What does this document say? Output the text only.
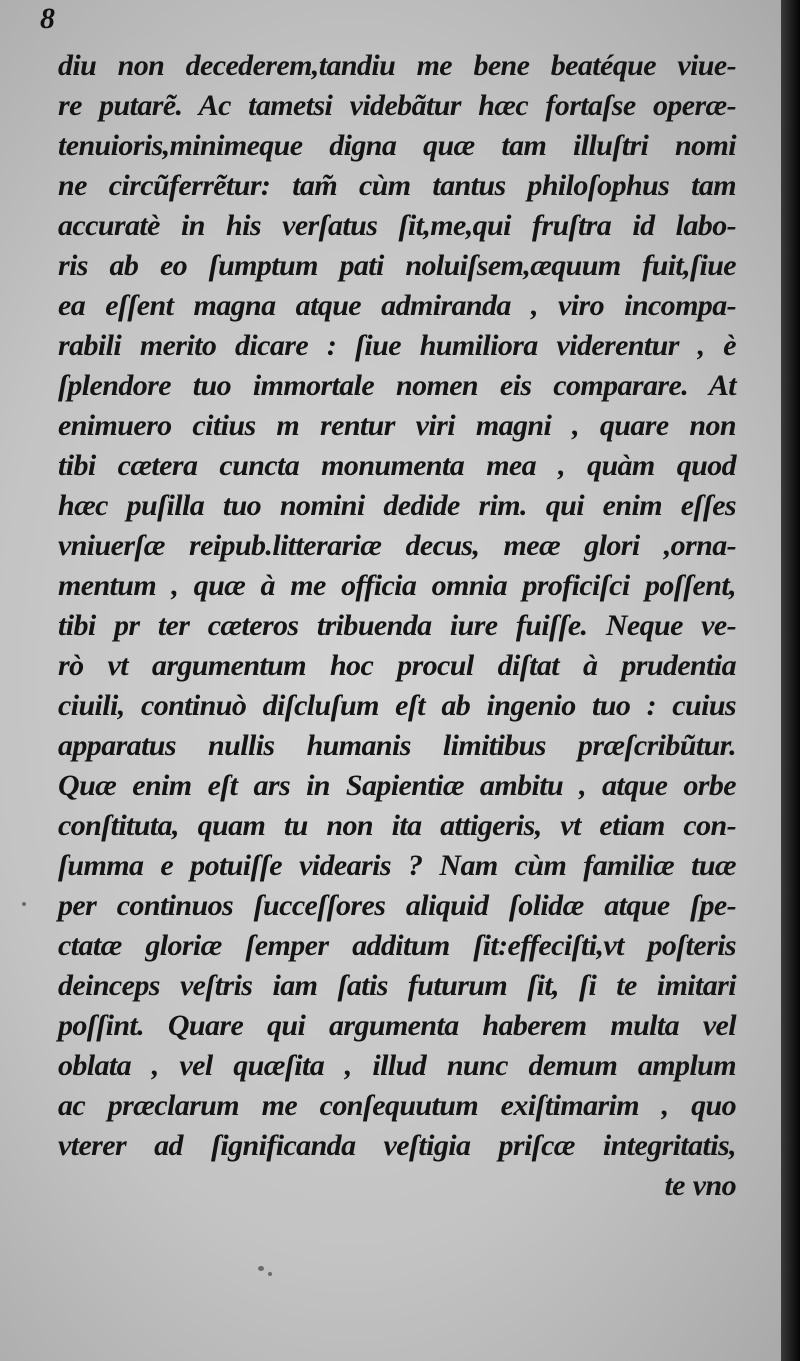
8
diu non decederem,tandiu me bene beatéque viue-
re putarẽ. Ac tametsi videbãtur hæc fortaſse operæ-
tenuioris,minimeque digna quæ tam illuſtri nomi
ne circũferrẽtur: tam̃ cùm tantus philoſophus tam
accuratè in his verſatus ſit,me,qui fruſtra id labo-
ris ab eo ſumptum pati noluiſsem,æquum fuit,ſiue
ea eſſent magna atque admiranda , viro incompa-
rabili merito dicare : ſiue humiliora viderentur , è
ſplendore tuo immortale nomen eis comparare. At
enimuero citius m rentur viri magni , quare non
tibi cætera cuncta monumenta mea , quàm quod
hæc puſilla tuo nomini dedide rim. qui enim eſſes
vniuerſæ reipub.litterariæ decus, meæ glori ,orna-
mentum , quæ à me officia omnia proficiſci poſſent,
tibi pr ter cæteros tribuenda iure fuiſſe. Neque ve-
rò vt argumentum hoc procul diſtat à prudentia
ciuili, continuò diſcluſum eſt ab ingenio tuo : cuius
apparatus nullis humanis limitibus præſcribũtur.
Quæ enim eſt ars in Sapientiæ ambitu , atque orbe
conſtituta, quam tu non ita attigeris, vt etiam con-
ſumma e potuiſſe videaris ? Nam cùm familiæ tuæ
per continuos ſucceſſores aliquid ſolidæ atque ſpe-
ctatæ gloriæ ſemper additum ſit:effeciſti,vt poſteris
deinceps veſtris iam ſatis futurum ſit, ſi te imitari
poſſint. Quare qui argumenta haberem multa vel
oblata , vel quæſita , illud nunc demum amplum
ac præclarum me conſequutum exiſtimarim , quo
vterer ad ſignificanda veſtigia priſcæ integritatis,
te vno
